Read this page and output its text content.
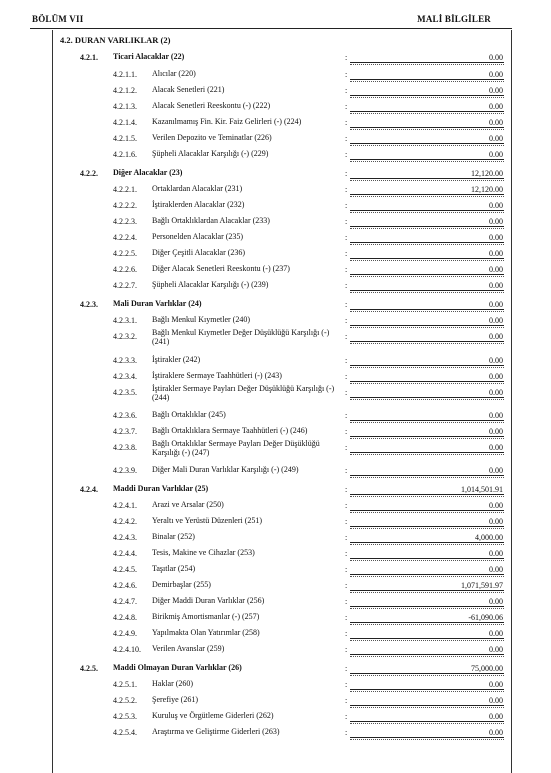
BÖLÜM VII	MALİ BİLGİLER
4.2. DURAN VARLIKLAR (2)
4.2.1. Ticari Alacaklar (22)	:	0.00
4.2.1.1. Alıcılar (220)	:	0.00
4.2.1.2. Alacak Senetleri (221)	:	0.00
4.2.1.3. Alacak Senetleri Reeskontu (-) (222)	:	0.00
4.2.1.4. Kazanılmamış Fin. Kir. Faiz Gelirleri (-) (224)	:	0.00
4.2.1.5. Verilen Depozito ve Teminatlar (226)	:	0.00
4.2.1.6. Şüpheli Alacaklar Karşılığı (-) (229)	:	0.00
4.2.2. Diğer Alacaklar (23)	:	12,120.00
4.2.2.1. Ortaklardan Alacaklar (231)	:	12,120.00
4.2.2.2. İştiraklerden Alacaklar (232)	:	0.00
4.2.2.3. Bağlı Ortaklıklardan Alacaklar (233)	:	0.00
4.2.2.4. Personelden Alacaklar (235)	:	0.00
4.2.2.5. Diğer Çeşitli Alacaklar (236)	:	0.00
4.2.2.6. Diğer Alacak Senetleri Reeskontu (-) (237)	:	0.00
4.2.2.7. Şüpheli Alacaklar Karşılığı (-) (239)	:	0.00
4.2.3. Mali Duran Varlıklar (24)	:	0.00
4.2.3.1. Bağlı Menkul Kıymetler (240)	:	0.00
4.2.3.2. Bağlı Menkul Kıymetler Değer Düşüklüğü Karşılığı (-) (241)	:	0.00
4.2.3.3. İştirakler (242)	:	0.00
4.2.3.4. İştiraklere Sermaye Taahhütleri (-) (243)	:	0.00
4.2.3.5. İştirakler Sermaye Payları Değer Düşüklüğü Karşılığı (-) (244)	:	0.00
4.2.3.6. Bağlı Ortaklıklar (245)	:	0.00
4.2.3.7. Bağlı Ortaklıklara Sermaye Taahhütleri (-) (246)	:	0.00
4.2.3.8. Bağlı Ortaklıklar Sermaye Payları Değer Düşüklüğü Karşılığı (-) (247)	:	0.00
4.2.3.9. Diğer Mali Duran Varlıklar Karşılığı (-) (249)	:	0.00
4.2.4. Maddi Duran Varlıklar (25)	:	1,014,501.91
4.2.4.1. Arazi ve Arsalar (250)	:	0.00
4.2.4.2. Yeraltı ve Yerüstü Düzenleri (251)	:	0.00
4.2.4.3. Binalar (252)	:	4,000.00
4.2.4.4. Tesis, Makine ve Cihazlar (253)	:	0.00
4.2.4.5. Taşıtlar (254)	:	0.00
4.2.4.6. Demirbaşlar (255)	:	1,071,591.97
4.2.4.7. Diğer Maddi Duran Varlıklar (256)	:	0.00
4.2.4.8. Birikmiş Amortismanlar (-) (257)	:	-61,090.06
4.2.4.9. Yapılmakta Olan Yatırımlar (258)	:	0.00
4.2.4.10. Verilen Avanslar (259)	:	0.00
4.2.5. Maddi Olmayan Duran Varlıklar (26)	:	75,000.00
4.2.5.1. Haklar (260)	:	0.00
4.2.5.2. Şerefiye (261)	:	0.00
4.2.5.3. Kuruluş ve Örgütleme Giderleri (262)	:	0.00
4.2.5.4. Araştırma ve Geliştirme Giderleri (263)	:	0.00
